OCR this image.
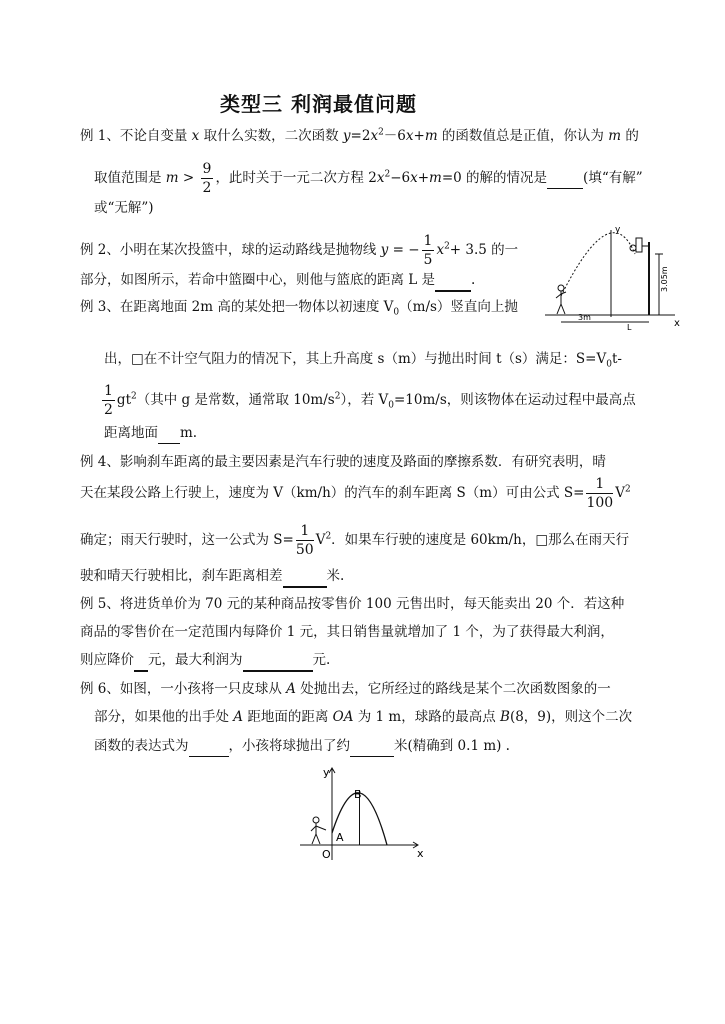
类型三 利润最值问题
例 1、不论自变量 x 取什么实数，二次函数 $y=2x^2-6x+m$ 的函数值总是正值，你认为 m 的
取值范围是 $m > \frac{9}{2}$ ，此时关于一元二次方程 $2x^2-6x+m=0$ 的解的情况是	(填“有解”
或“无解”)
例 2、小明在某次投篮中，球的运动路线是抛物线 y = − $\frac{1}{5} x^2+ 3.5$ 的一
部分，如图所示，若命中篮圈中心，则他与篮底的距离 L 是	.
例 3、在距离地面 2m 高的某处把一物体以初速度 $V_0(m/s)$竖直向上抛
出，□在不计空气阻力的情况下，其上升高度 s（m）与抛出时间 t（s）满足：$S=V_0t-$
$\frac{1}{2} gt^2$（其中 g 是常数，通常取 $10m/s^2$），若 $V_0=10m/s$，则该物体在运动过程中最高点
距离地面 m.
例 4、影响刹车距离的最主要因素是汽车行驶的速度及路面的摩擦系数．有研究表明，晴
天在某段公路上行驶上，速度为 V（km/h）的汽车的刹车距离 S（m）可由公式 $S= \frac{1}{100} V^2$
确定；雨天行驶时，这一公式为 $S= \frac{1}{50} V^2$．如果车行驶的速度是 60km/h，□那么在雨天行
驶和晴天行驶相比，刹车距离相差	米.
例 5、将进货单价为 70 元的某种商品按零售价 100 元售出时，每天能卖出 20 个．若这种
商品的零售价在一定范围内每降价 1 元，其日销售量就增加了 1 个，为了获得最大利润，
则应降价 元，最大利润为	元.
例 6、如图，一小孩将一只皮球从 A 处抛出去，它所经过的路线是某个二次函数图象的一
部分，如果他的出手处 A 距地面的距离 OA 为 1 m，球路的最高点 B(8，9)，则这个二次
函数的表达式为	，小孩将球抛出了约	米(精确到 0.1 m) .
y
x
3.05m
3m
L
y
x
O
B
A
